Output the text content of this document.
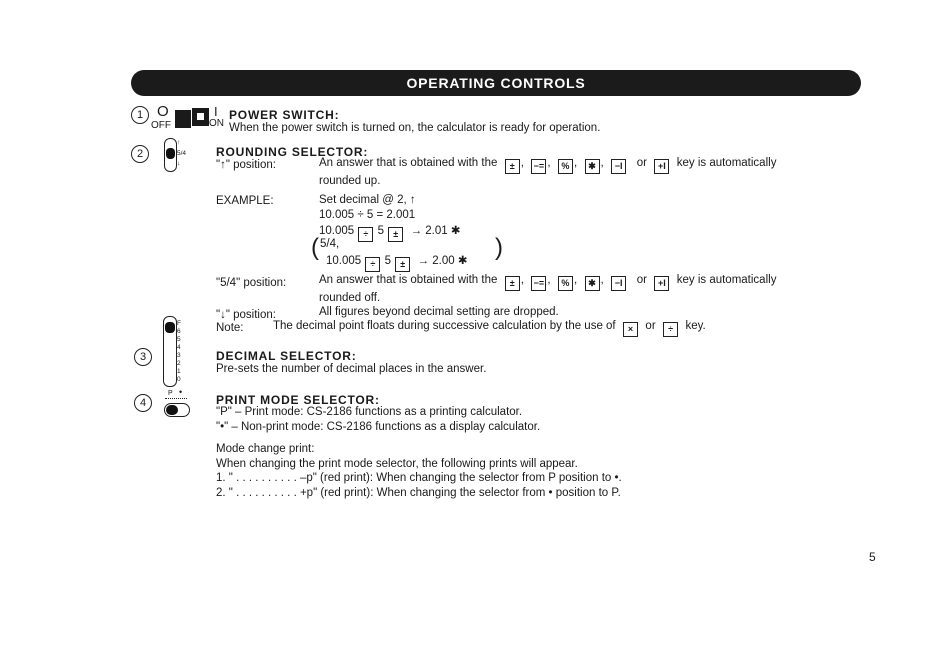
OPERATING CONTROLS
1 O
OFF
I
ON
POWER SWITCH:
When the power switch is turned on, the calculator is ready for operation.
2
↑
5/4
↓
ROUNDING SELECTOR:
"↑" position:	An answer that is obtained with the ± , −= , % , ✱ , −I or +I key is automatically
rounded up.
EXAMPLE:	Set decimal @ 2, ↑
10.005 ÷ 5 = 2.001
10.005 ÷ 5 ± → 2.01 ✱
( 5/4,
10.005 ÷ 5 ± → 2.00 ✱ )
"5/4" position:	An answer that is obtained with the ± , −= , % , ✱ , −I or +I key is automatically
rounded off.
"↓" position:	All figures beyond decimal setting are dropped.
Note:	The decimal point floats during successive calculation by the use of × or ÷ key.
F
6
5
4
3
2
1
0
3	DECIMAL SELECTOR:
Pre-sets the number of decimal places in the answer.
4
P •
PRINT MODE SELECTOR:
"P" – Print mode: CS-2186 functions as a printing calculator.
"•" – Non-print mode: CS-2186 functions as a display calculator.
Mode change print:
When changing the print mode selector, the following prints will appear.
1. " . . . . . . . . . . –p" (red print): When changing the selector from P position to •.
2. " . . . . . . . . . . +p" (red print): When changing the selector from • position to P.
5
